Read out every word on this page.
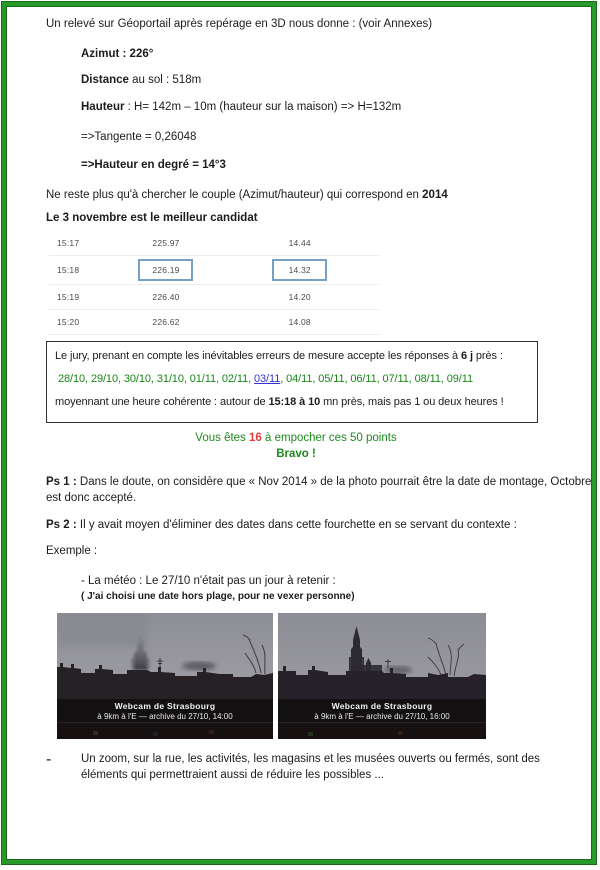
Un relevé sur Géoportail après repérage en 3D nous donne : (voir Annexes)

Azimut : 226°

Distance au sol : 518m

Hauteur : H= 142m – 10m (hauteur sur la maison) => H=132m

=>Tangente = 0,26048

=>Hauteur en degré = 14°3

Ne reste plus qu'à chercher le couple (Azimut/hauteur) qui correspond en 2014

Le 3 novembre est le meilleur candidat

15:17	225.97	14.44
15:18	226.19	14.32
15:19	226.40	14.20
15:20	226.62	14.08

Le jury, prenant en compte les inévitables erreurs de mesure accepte les réponses à 6 j près :

28/10, 29/10, 30/10, 31/10, 01/11, 02/11, 03/11, 04/11, 05/11, 06/11, 07/11, 08/11, 09/11

moyennant une heure cohérente : autour de 15:18 à 10 mn près, mais pas 1 ou deux heures !

Vous êtes 16 à empocher ces 50 points

Bravo !

Ps 1 : Dans le doute, on considère que « Nov 2014 » de la photo pourrait être la date de montage, Octobre est donc accepté.

Ps 2 : Il y avait moyen d'éliminer des dates dans cette fourchette en se servant du contexte :

Exemple :

- La météo : Le 27/10 n'était pas un jour à retenir :

( J'ai choisi une date hors plage, pour ne vexer personne)

Webcam de Strasbourg
à 9km à l'E — archive du 27/10, 14:00
Webcam de Strasbourg
à 9km à l'E — archive du 27/10, 16:00
-	Un zoom, sur la rue, les activités, les magasins et les musées ouverts ou fermés, sont des éléments qui permettraient aussi de réduire les possibles ...
